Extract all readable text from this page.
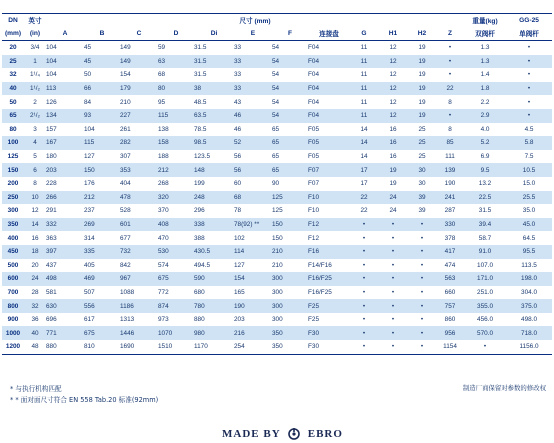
DN	英寸	尺寸 (mm)												重量(kg)	GG-25
(mm)	(in)	A	B	C	D	Di	E	F	连接盘	G	H1	H2	Z	双阀杆	单阀杆
20	3/4	104	45	149	59	31.5	33	54	F04	11	12	19	•	1.3	•
25	1	104	45	149	63	31.5	33	54	F04	11	12	19	•	1.3	•
32	1¹/₄	104	50	154	68	31.5	33	54	F04	11	12	19	•	1.4	•
40	1¹/₂	113	66	179	80	38	33	54	F04	11	12	19	22	1.8	•
50	2	126	84	210	95	48.5	43	54	F04	11	12	19	8	2.2	•
65	2¹/₂	134	93	227	115	63.5	46	54	F04	11	12	19	•	2.9	•
80	3	157	104	261	138	78.5	46	65	F05	14	16	25	8	4.0	4.5
100	4	167	115	282	158	98.5	52	65	F05	14	16	25	85	5.2	5.8
125	5	180	127	307	188	123.5	56	65	F05	14	16	25	111	6.9	7.5
150	6	203	150	353	212	148	56	65	F07	17	19	30	139	9.5	10.5
200	8	228	176	404	268	199	60	90	F07	17	19	30	190	13.2	15.0
250	10	266	212	478	320	248	68	125	F10	22	24	39	241	22.5	25.5
300	12	291	237	528	370	296	78	125	F10	22	24	39	287	31.5	35.0
350	14	332	269	601	408	338	78(92) **	150	F12	•	•	•	330	39.4	45.0
400	16	363	314	677	470	388	102	150	F12	•	•	•	378	58.7	64.5
450	18	397	335	732	530	430.5	114	210	F16	•	•	•	417	91.0	95.5
500	20	437	405	842	574	494.5	127	210	F14/F16	•	•	•	474	107.0	113.5
600	24	498	469	967	675	590	154	300	F16/F25	•	•	•	563	171.0	198.0
700	28	581	507	1088	772	680	165	300	F16/F25	•	•	•	660	251.0	304.0
800	32	630	556	1186	874	780	190	300	F25	•	•	•	757	355.0	375.0
900	36	696	617	1313	973	880	203	300	F25	•	•	•	860	456.0	498.0
1000	40	771	675	1446	1070	980	216	350	F30	•	•	•	956	570.0	718.0
1200	48	880	810	1690	1510	1170	254	350	F30	•	•	•	1154	•	1156.0
* 与执行机构匹配
* * 面对面尺寸符合 EN 558 Tab.20 标准(92mm)
制造厂商保留对参数的修改权
MADE BY	EBRO
